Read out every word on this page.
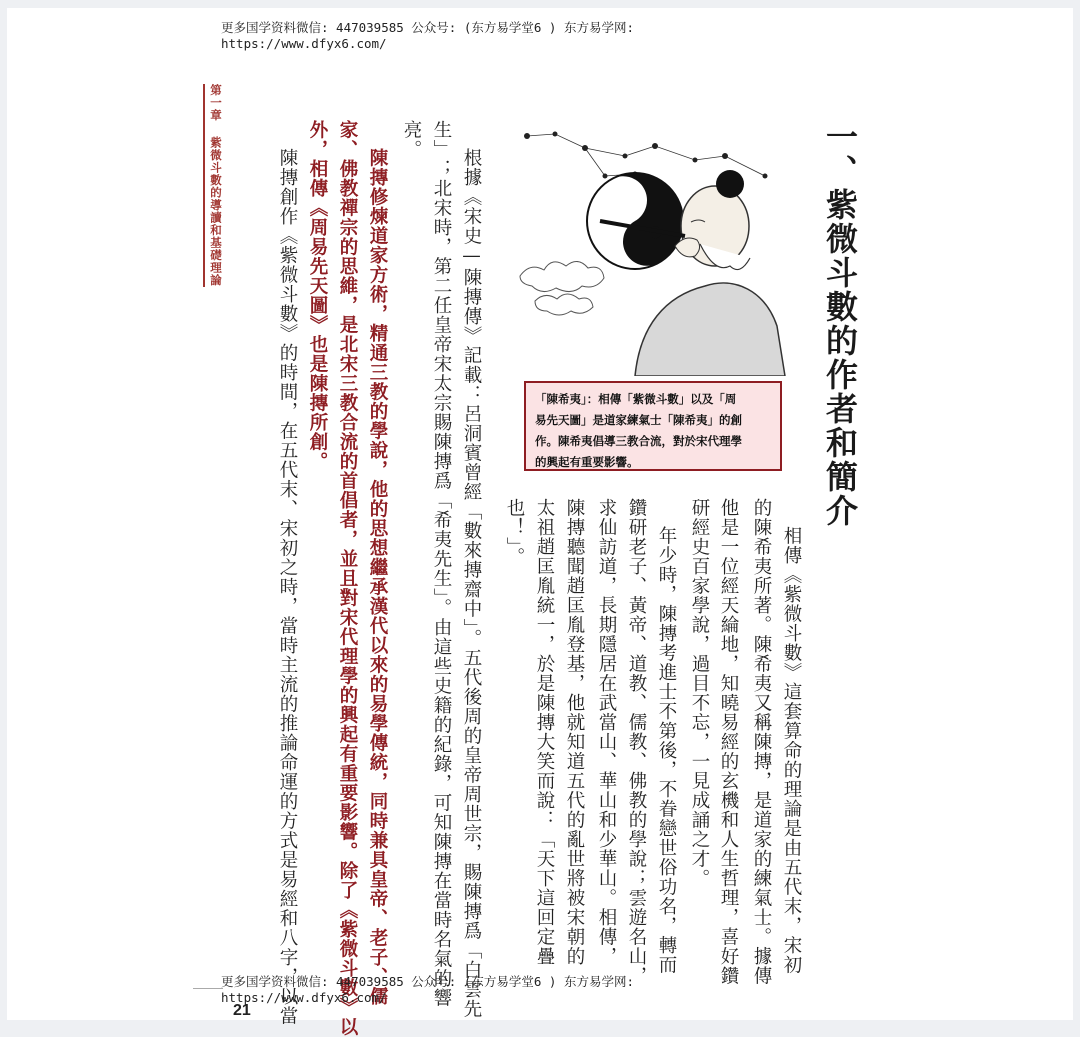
更多国学资料微信: 447039585 公众号: (东方易学堂6 ) 东方易学网:
https://www.dfyx6.com/
第一章 紫微斗數的導讀和基礎理論	一、紫微斗數的作者和簡介
「陳希夷」：相傳「紫微斗數」以及「周
易先天圖」是道家練氣士「陳希夷」的創
作。陳希夷倡導三教合流，對於宋代理學
的興起有重要影響。
相傳《紫微斗數》這套算命的理論是由五代末，宋初
的陳希夷所著。陳希夷又稱陳摶，是道家的練氣士。據傳
他是一位經天綸地，知曉易經的玄機和人生哲理，喜好鑽
研經史百家學說，過目不忘，一見成誦之才。
年少時，陳摶考進士不第後，不眷戀世俗功名，轉而
鑽研老子、黃帝、道教、儒教、佛教的學說；雲遊名山，
求仙訪道，長期隱居在武當山、華山和少華山。相傳，
陳摶聽聞趙匡胤登基，他就知道五代的亂世將被宋朝的
太祖趙匡胤統一，於是陳摶大笑而說：「天下這回定疊
也！」。
根據《宋史—陳摶傳》記載：呂洞賓曾經「數來摶齋中」。五代後周的皇帝周世宗，賜陳摶爲「白雲先
生」；北宋時，第二任皇帝宋太宗賜陳摶爲「希夷先生」。由這些史籍的紀錄，可知陳摶在當時名氣的響
亮。
陳摶修煉道家方術，精通三教的學說，他的思想繼承漢代以來的易學傳統，同時兼具皇帝、老子、儒
家、佛教禪宗的思維，是北宋三教合流的首倡者，並且對宋代理學的興起有重要影響。除了《紫微斗數》以
外，相傳《周易先天圖》也是陳摶所創。
陳摶創作《紫微斗數》的時間，在五代末、宋初之時，當時主流的推論命運的方式是易經和八字，以當
更多国学资料微信: 447039585 公众号: (东方易学堂6 ) 东方易学网:
https://www.dfyx6.com/
21
